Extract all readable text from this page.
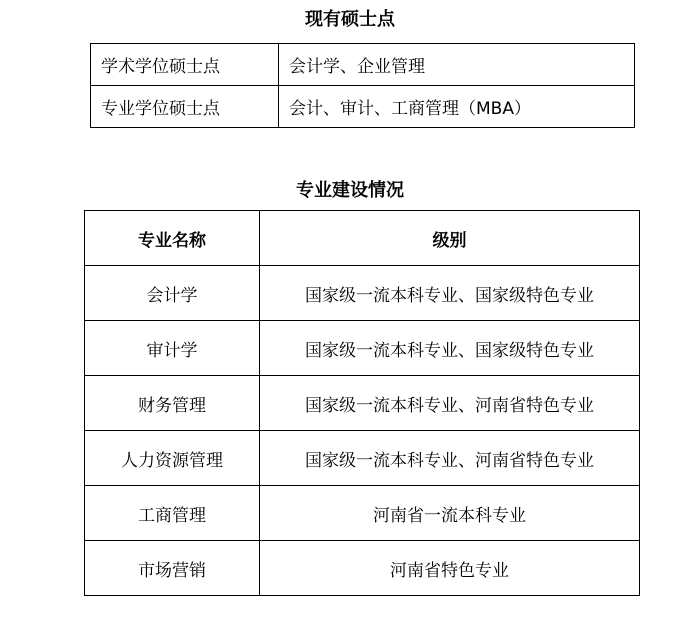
现有硕士点
学术学位硕士点	会计学、企业管理
专业学位硕士点	会计、审计、工商管理（MBA）
专业建设情况
专业名称	级别
会计学	国家级一流本科专业、国家级特色专业
审计学	国家级一流本科专业、国家级特色专业
财务管理	国家级一流本科专业、河南省特色专业
人力资源管理	国家级一流本科专业、河南省特色专业
工商管理	河南省一流本科专业
市场营销	河南省特色专业
